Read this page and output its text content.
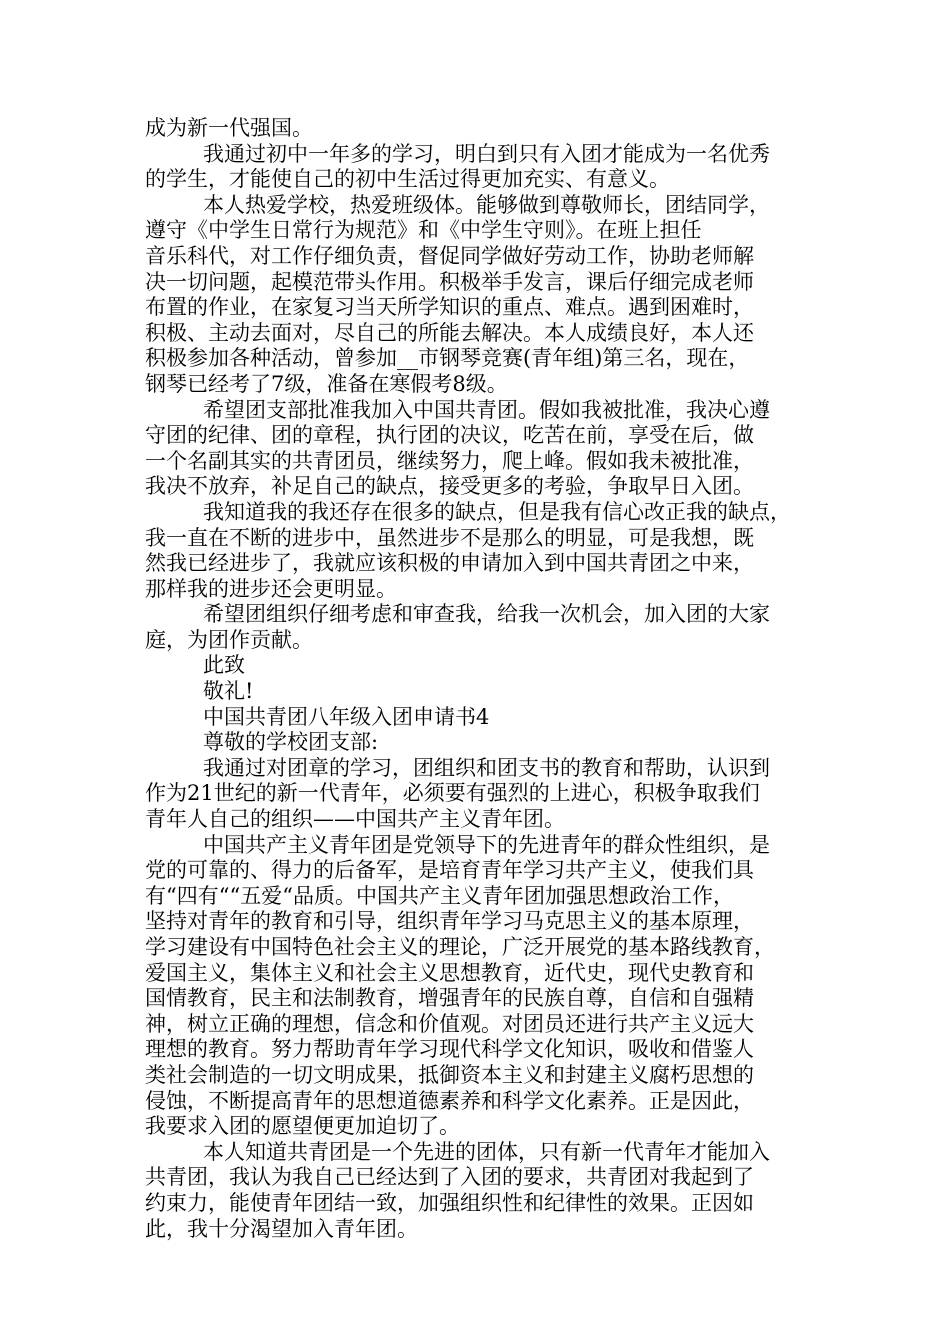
成为新一代强国。
我通过初中一年多的学习，明白到只有入团才能成为一名优秀
的学生，才能使自己的初中生活过得更加充实、有意义。
本人热爱学校，热爱班级体。能够做到尊敬师长，团结同学，
遵守《中学生日常行为规范》和《中学生守则》。在班上担任
音乐科代，对工作仔细负责，督促同学做好劳动工作，协助老师解
决一切问题，起模范带头作用。积极举手发言，课后仔细完成老师
布置的作业，在家复习当天所学知识的重点、难点。遇到困难时，
积极、主动去面对，尽自己的所能去解决。本人成绩良好，本人还
积极参加各种活动，曾参加__市钢琴竞赛(青年组)第三名，现在，
钢琴已经考了7级，准备在寒假考8级。
希望团支部批准我加入中国共青团。假如我被批准，我决心遵
守团的纪律、团的章程，执行团的决议，吃苦在前，享受在后，做
一个名副其实的共青团员，继续努力，爬上峰。假如我未被批准，
我决不放弃，补足自己的缺点，接受更多的考验，争取早日入团。
我知道我的我还存在很多的缺点，但是我有信心改正我的缺点，
我一直在不断的进步中，虽然进步不是那么的明显，可是我想，既
然我已经进步了，我就应该积极的申请加入到中国共青团之中来，
那样我的进步还会更明显。
希望团组织仔细考虑和审查我，给我一次机会，加入团的大家
庭，为团作贡献。
此致
敬礼!
中国共青团八年级入团申请书4
尊敬的学校团支部:
我通过对团章的学习，团组织和团支书的教育和帮助，认识到
作为21世纪的新一代青年，必须要有强烈的上进心，积极争取我们
青年人自己的组织——中国共产主义青年团。
中国共产主义青年团是党领导下的先进青年的群众性组织，是
党的可靠的、得力的后备军，是培育青年学习共产主义，使我们具
有“四有““五爱“品质。中国共产主义青年团加强思想政治工作，
坚持对青年的教育和引导，组织青年学习马克思主义的基本原理，
学习建设有中国特色社会主义的理论，广泛开展党的基本路线教育，
爱国主义，集体主义和社会主义思想教育，近代史，现代史教育和
国情教育，民主和法制教育，增强青年的民族自尊，自信和自强精
神，树立正确的理想，信念和价值观。对团员还进行共产主义远大
理想的教育。努力帮助青年学习现代科学文化知识，吸收和借鉴人
类社会制造的一切文明成果，抵御资本主义和封建主义腐朽思想的
侵蚀，不断提高青年的思想道德素养和科学文化素养。正是因此，
我要求入团的愿望便更加迫切了。
本人知道共青团是一个先进的团体，只有新一代青年才能加入
共青团，我认为我自己已经达到了入团的要求，共青团对我起到了
约束力，能使青年团结一致，加强组织性和纪律性的效果。正因如
此，我十分渴望加入青年团。
